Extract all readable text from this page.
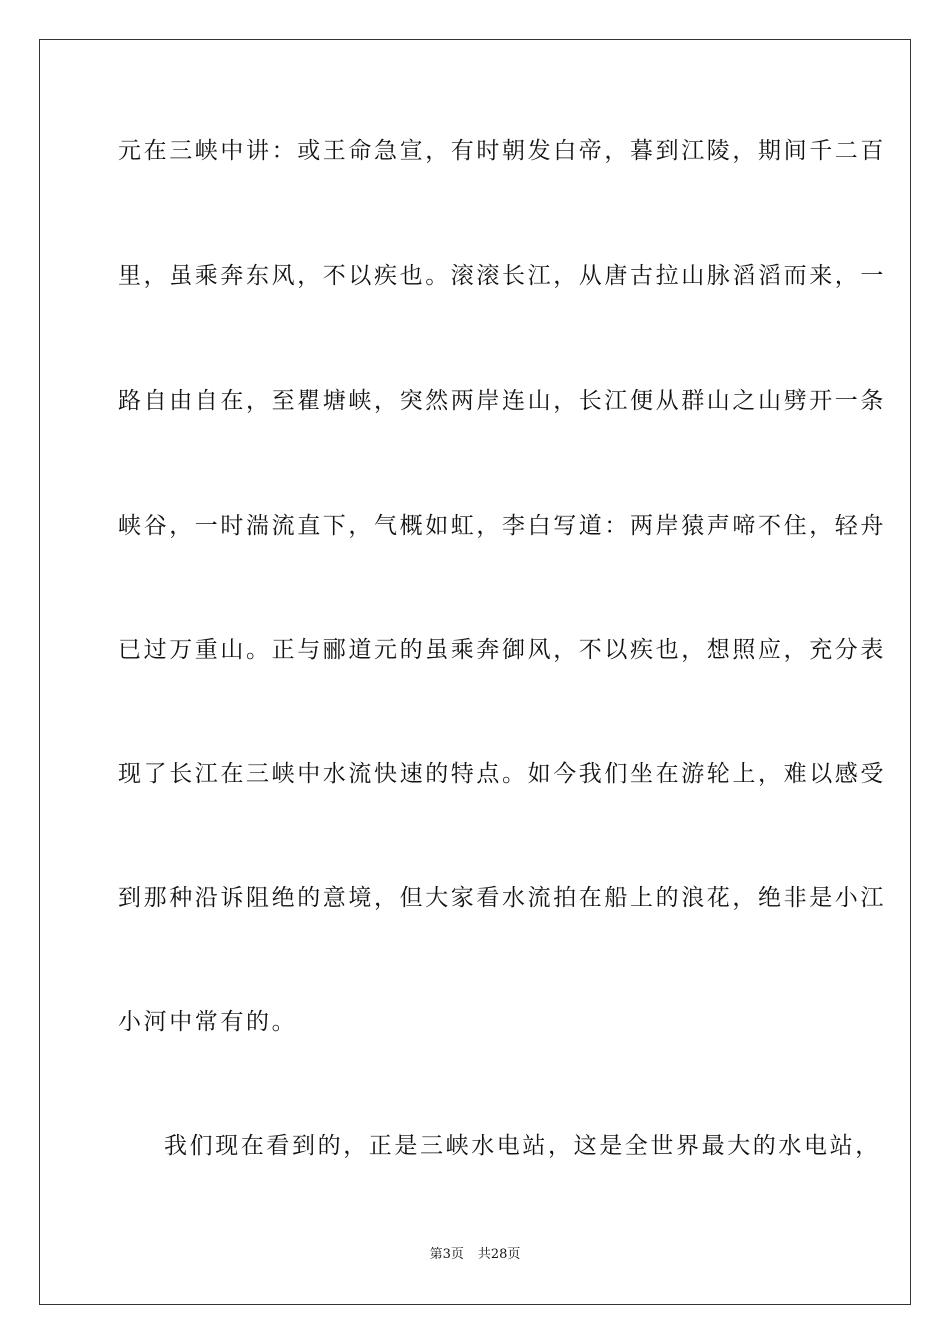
元在三峡中讲：或王命急宣，有时朝发白帝，暮到江陵，期间千二百
里，虽乘奔东风，不以疾也。滚滚长江，从唐古拉山脉滔滔而来，一
路自由自在，至瞿塘峡，突然两岸连山，长江便从群山之山劈开一条
峡谷，一时湍流直下，气概如虹，李白写道：两岸猿声啼不住，轻舟
已过万重山。正与郦道元的虽乘奔御风，不以疾也，想照应，充分表
现了长江在三峡中水流快速的特点。如今我们坐在游轮上，难以感受
到那种沿诉阻绝的意境，但大家看水流拍在船上的浪花，绝非是小江
小河中常有的。
我们现在看到的，正是三峡水电站，这是全世界最大的水电站，
第3页 共28页
